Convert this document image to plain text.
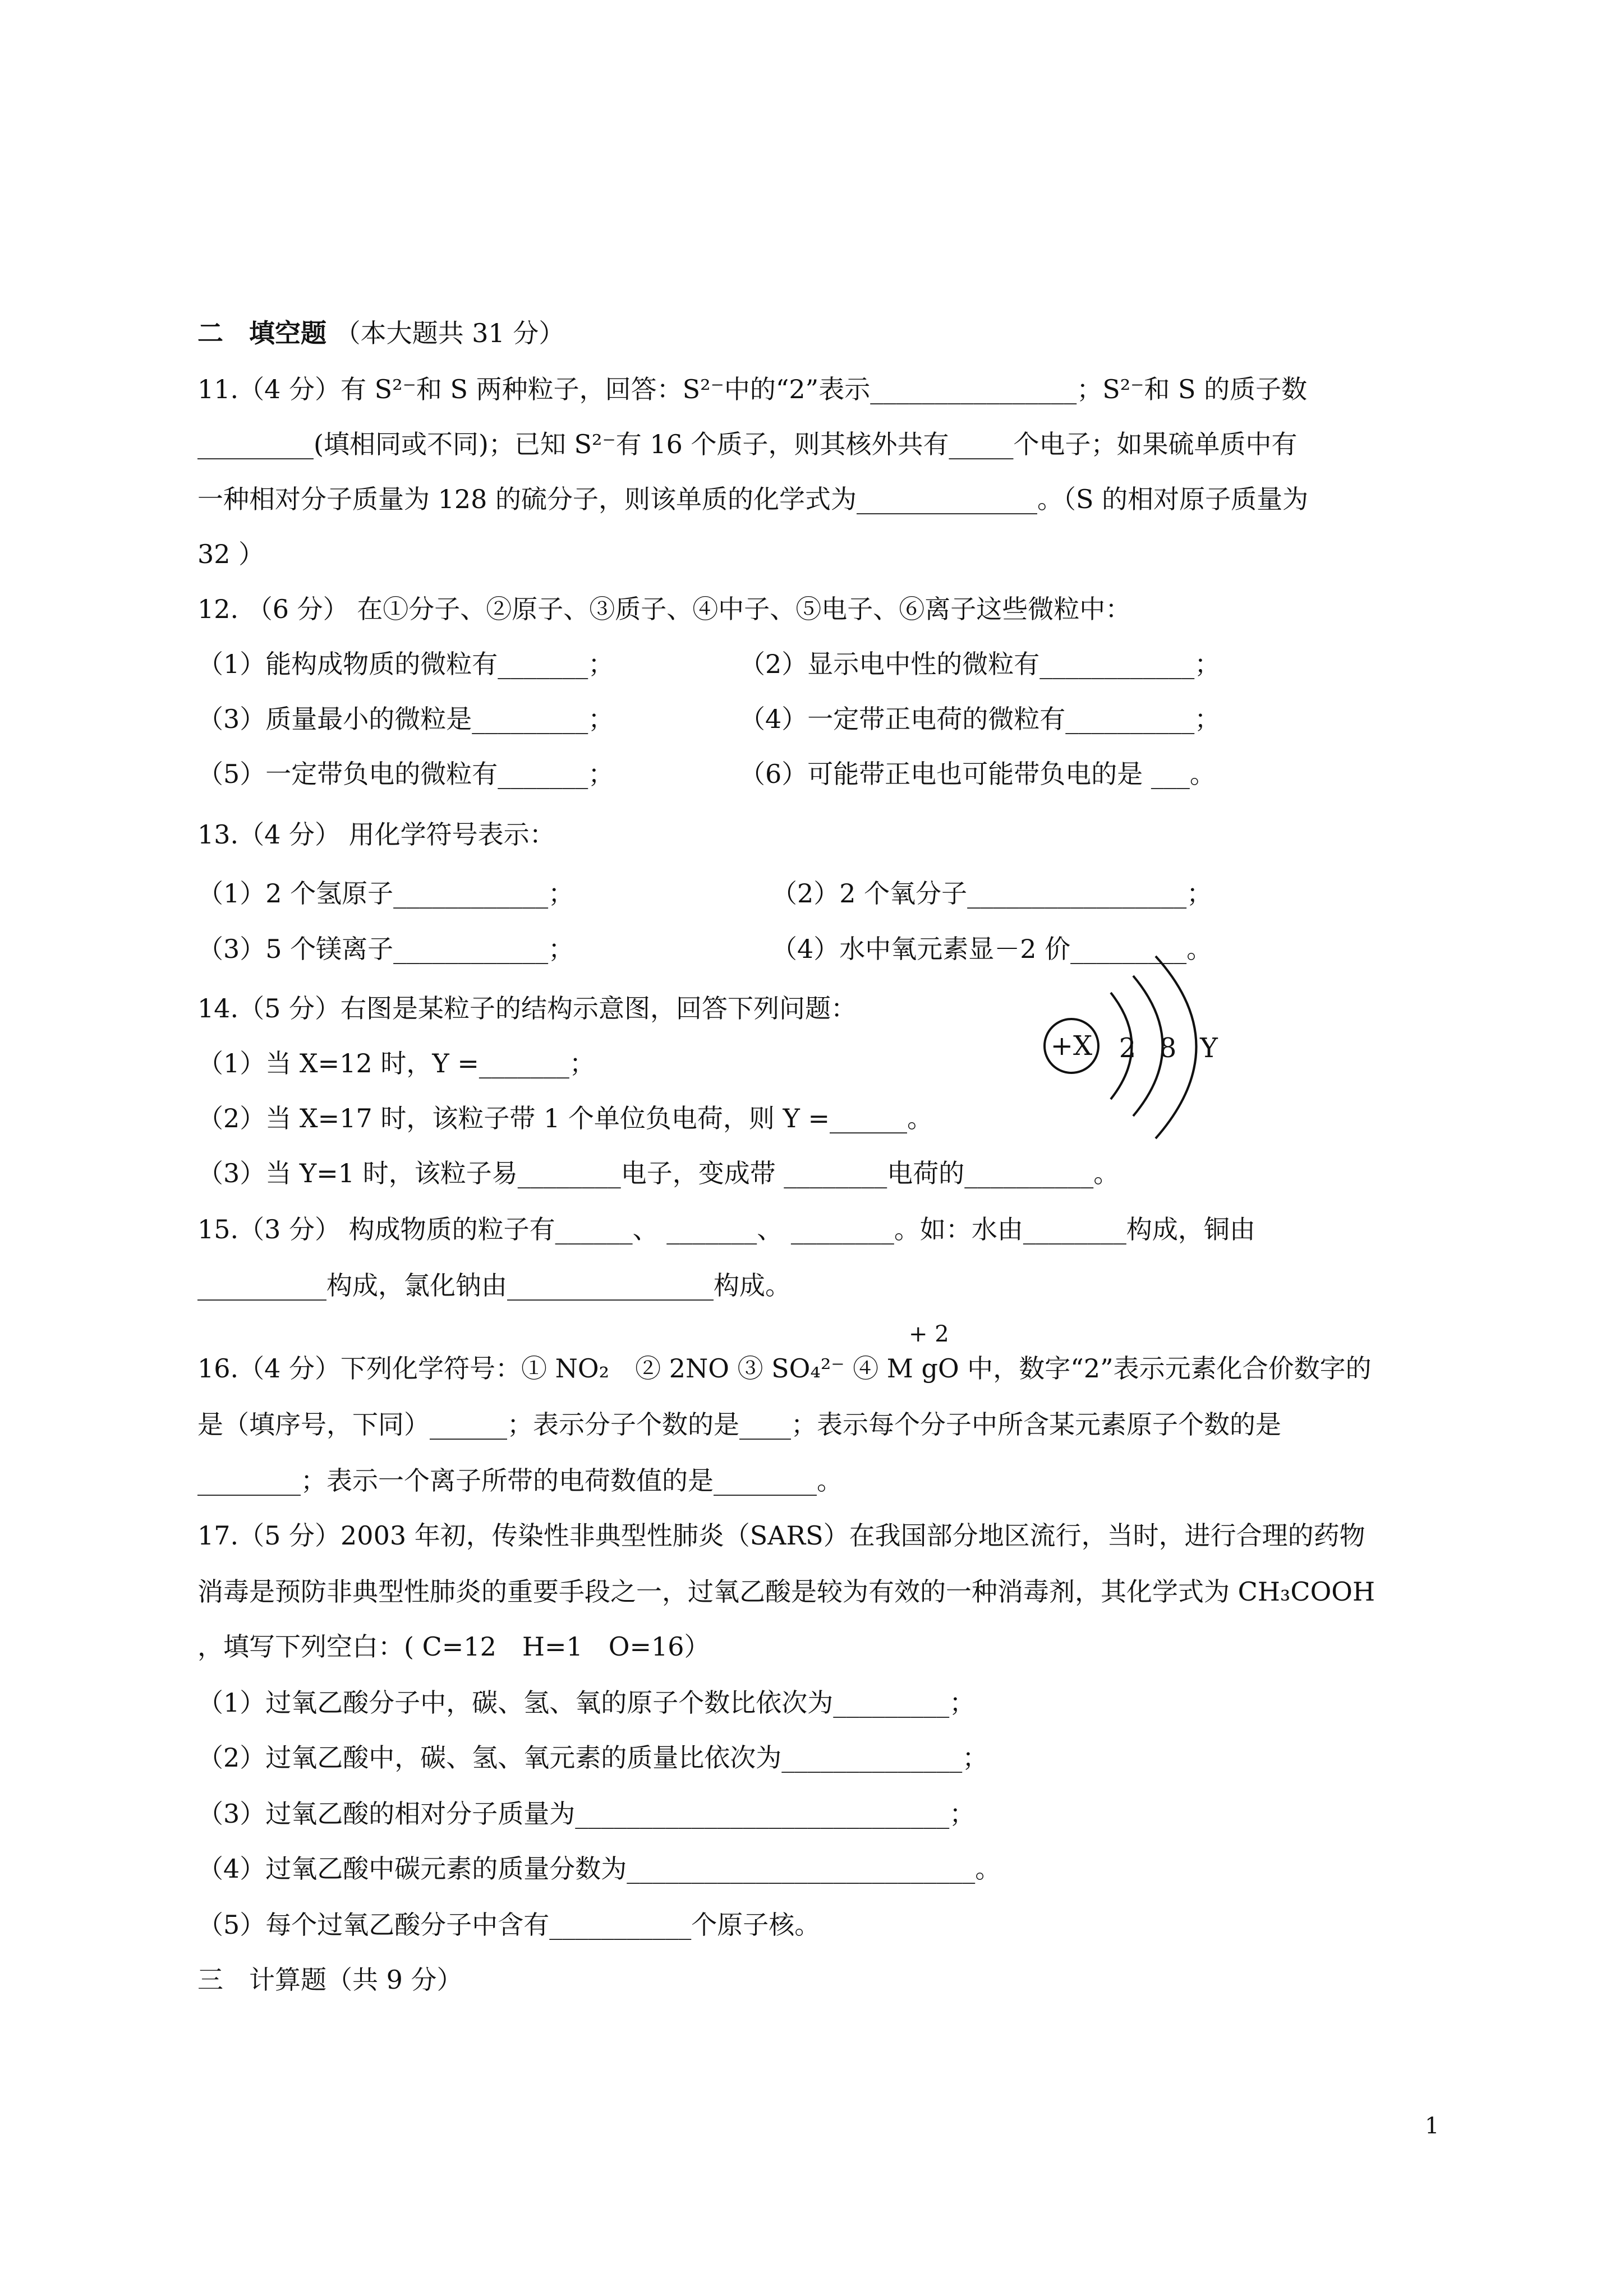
二　填空题 （本大题共 31 分）
11.（4 分）有 S²⁻和 S 两种粒子，回答：S²⁻中的“2”表示________________；S²⁻和 S 的质子数
_________(填相同或不同)；已知 S²⁻有 16 个质子，则其核外共有_____个电子；如果硫单质中有
一种相对分子质量为 128 的硫分子，则该单质的化学式为______________。（S 的相对原子质量为
32 ）
12. （6 分） 在①分子、②原子、③质子、④中子、⑤电子、⑥离子这些微粒中：
（1）能构成物质的微粒有_______；	（2）显示电中性的微粒有____________；
（3）质量最小的微粒是_________；	（4）一定带正电荷的微粒有__________；
（5）一定带负电的微粒有_______；	（6）可能带正电也可能带负电的是 ___。
13.（4 分） 用化学符号表示：
（1）2 个氢原子____________；	（2）2 个氧分子_________________；
（3）5 个镁离子____________；	（4）水中氧元素显－2 价_________。
14.（5 分）右图是某粒子的结构示意图，回答下列问题：
（1）当 X=12 时，Y =_______；
（2）当 X=17 时，该粒子带 1 个单位负电荷，则 Y =______。
（3）当 Y=1 时，该粒子易________电子，变成带 ________电荷的__________。
+X 2 8 Y
15.（3 分） 构成物质的粒子有______、 _______、 ________。如：水由________构成，铜由
__________构成，氯化钠由________________构成。
+ 2
16.（4 分）下列化学符号：① NO₂　② 2NO ③ SO₄²⁻ ④ M gO 中，数字“2”表示元素化合价数字的
是（填序号，下同）______；表示分子个数的是____；表示每个分子中所含某元素原子个数的是
________；表示一个离子所带的电荷数值的是________。
17.（5 分）2003 年初，传染性非典型性肺炎（SARS）在我国部分地区流行，当时，进行合理的药物
消毒是预防非典型性肺炎的重要手段之一，过氧乙酸是较为有效的一种消毒剂，其化学式为 CH₃COOH
，填写下列空白：( C=12　H=1　O=16）
（1）过氧乙酸分子中，碳、氢、氧的原子个数比依次为_________；
（2）过氧乙酸中，碳、氢、氧元素的质量比依次为______________；
（3）过氧乙酸的相对分子质量为_____________________________；
（4）过氧乙酸中碳元素的质量分数为___________________________。
（5）每个过氧乙酸分子中含有___________个原子核。
三　计算题（共 9 分）
1
